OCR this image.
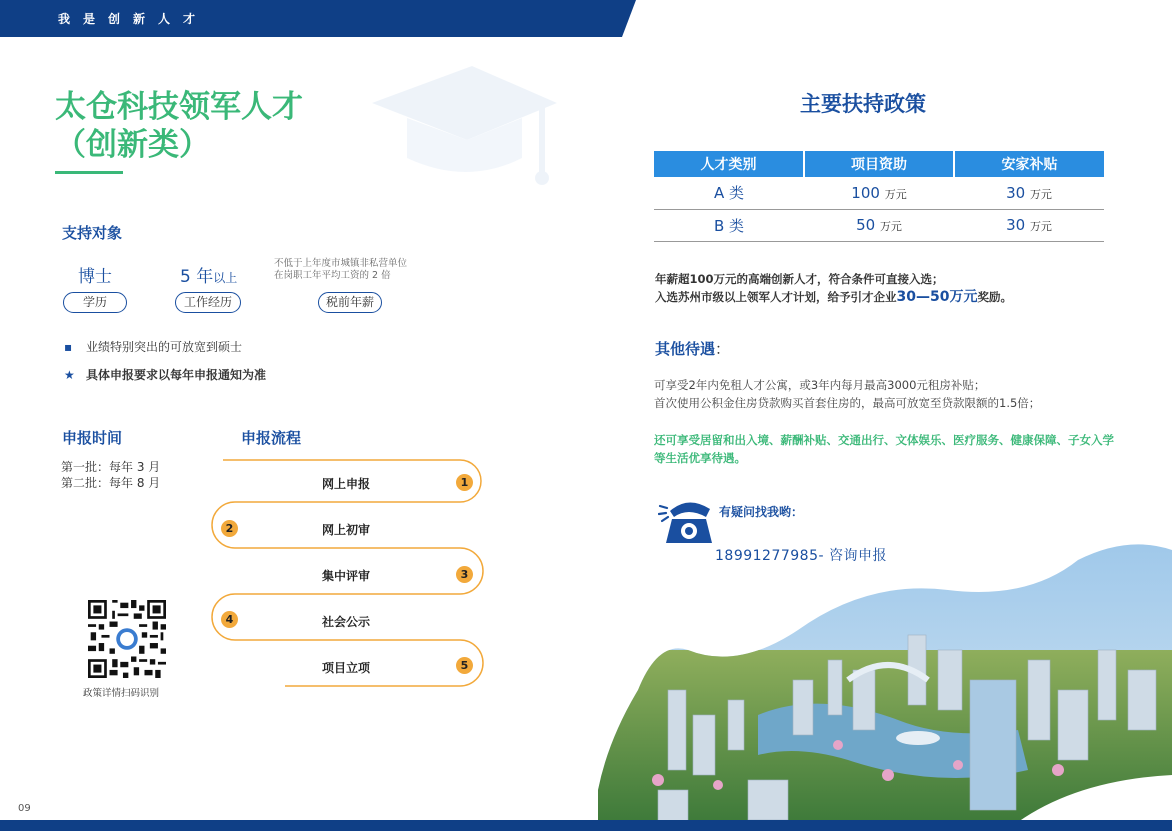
我是创新人才
太仓科技领军人才
（创新类）
支持对象
博士	5 年以上
不低于上年度市城镇非私营单位
在岗职工年平均工资的 2 倍
学历	工作经历	税前年薪
▪ 业绩特别突出的可放宽到硕士
★ 具体申报要求以每年申报通知为准
申报时间
第一批：每年 3 月
第二批：每年 8 月
申报流程
网上申报	1
网上初审
2
集中评审	3
社会公示
4
项目立项	5
政策详情扫码识别
09
主要扶持政策
人才类别	项目资助	安家补贴
A 类	100 万元	30 万元
B 类	50 万元	30 万元
年薪超100万元的高端创新人才，符合条件可直接入选；
入选苏州市级以上领军人才计划，给予引才企业30—50万元奖励。
其他待遇：
可享受2年内免租人才公寓，或3年内每月最高3000元租房补贴；
首次使用公积金住房贷款购买首套住房的，最高可放宽至贷款限额的1.5倍；
还可享受居留和出入境、薪酬补贴、交通出行、文体娱乐、医疗服务、健康保障、子女入学等生活优享待遇。
有疑问找我哟：
18991277985- 咨询申报
